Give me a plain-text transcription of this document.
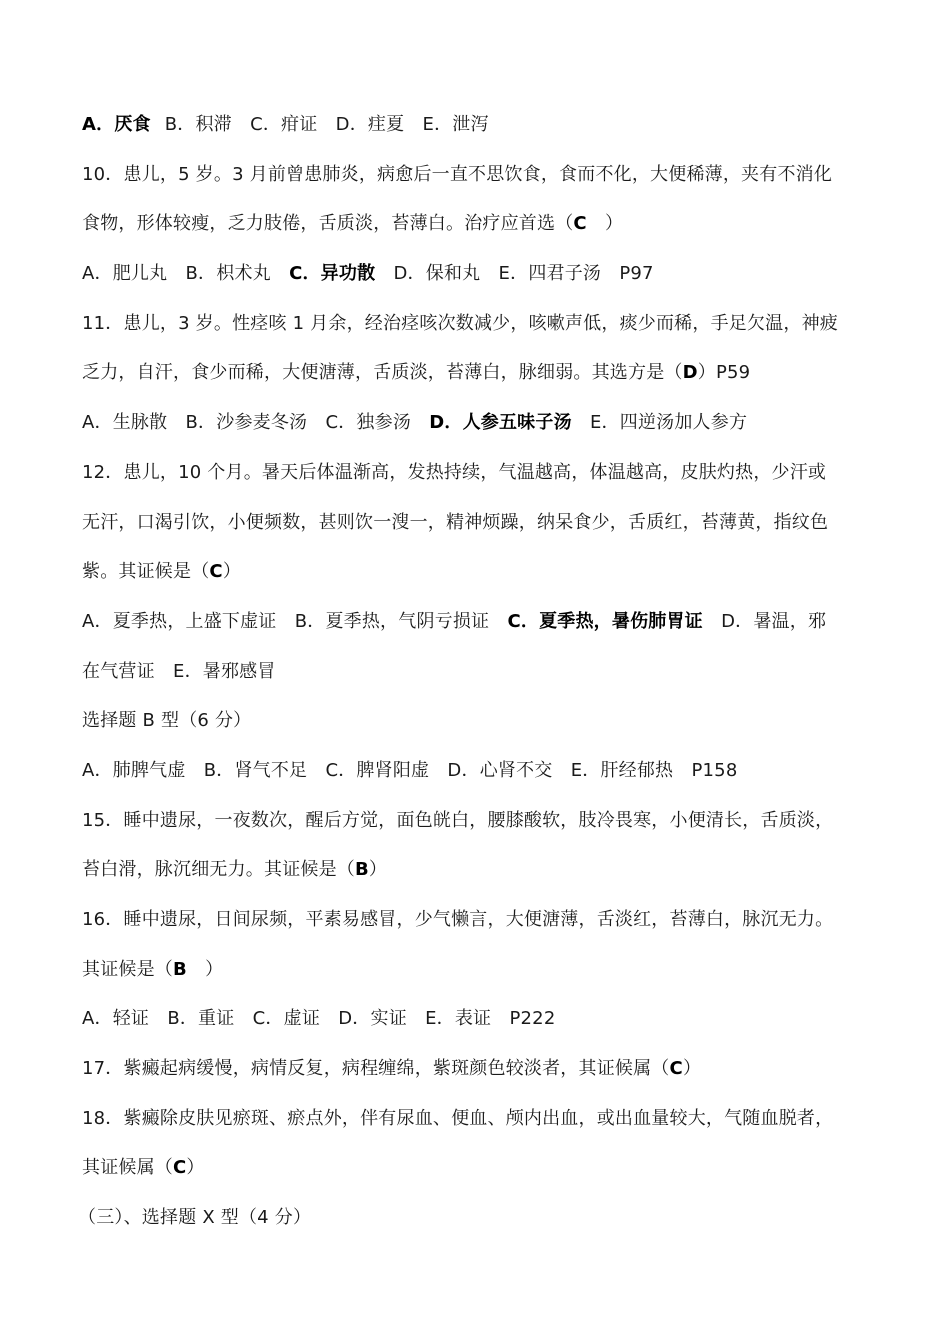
A．厌食 B．积滞　C．疳证　D．疰夏　E．泄泻
10．患儿，5 岁。3 月前曾患肺炎，病愈后一直不思饮食，食而不化，大便稀薄，夹有不消化
食物，形体较瘦，乏力肢倦，舌质淡，苔薄白。治疗应首选（C　）
A．肥儿丸　B．枳术丸　C．异功散　D．保和丸　E．四君子汤　P97
11．患儿，3 岁。性痉咳 1 月余，经治痉咳次数减少，咳嗽声低，痰少而稀，手足欠温，神疲
乏力，自汗，食少而稀，大便溏薄，舌质淡，苔薄白，脉细弱。其选方是（D）P59
A．生脉散　B．沙参麦冬汤　C．独参汤　D．人参五味子汤　E．四逆汤加人参方
12．患儿，10 个月。暑天后体温渐高，发热持续，气温越高，体温越高，皮肤灼热，少汗或
无汗，口渴引饮，小便频数，甚则饮一溲一，精神烦躁，纳呆食少，舌质红，苔薄黄，指纹色
紫。其证候是（C）
A．夏季热，上盛下虚证　B．夏季热，气阴亏损证　C．夏季热，暑伤肺胃证　D．暑温，邪
在气营证　E．暑邪感冒
选择题 B 型（6 分）
A．肺脾气虚　B．肾气不足　C．脾肾阳虚　D．心肾不交　E．肝经郁热　P158
15．睡中遗尿，一夜数次，醒后方觉，面色㿠白，腰膝酸软，肢冷畏寒，小便清长，舌质淡，
苔白滑，脉沉细无力。其证候是（B）
16．睡中遗尿，日间尿频，平素易感冒，少气懒言，大便溏薄，舌淡红，苔薄白，脉沉无力。
其证候是（B　）
A．轻证　B．重证　C．虚证　D．实证　E．表证　P222
17．紫癜起病缓慢，病情反复，病程缠绵，紫斑颜色较淡者，其证候属（C）
18．紫癜除皮肤见瘀斑、瘀点外，伴有尿血、便血、颅内出血，或出血量较大，气随血脱者，
其证候属（C）
（三）、选择题 X 型（4 分）
